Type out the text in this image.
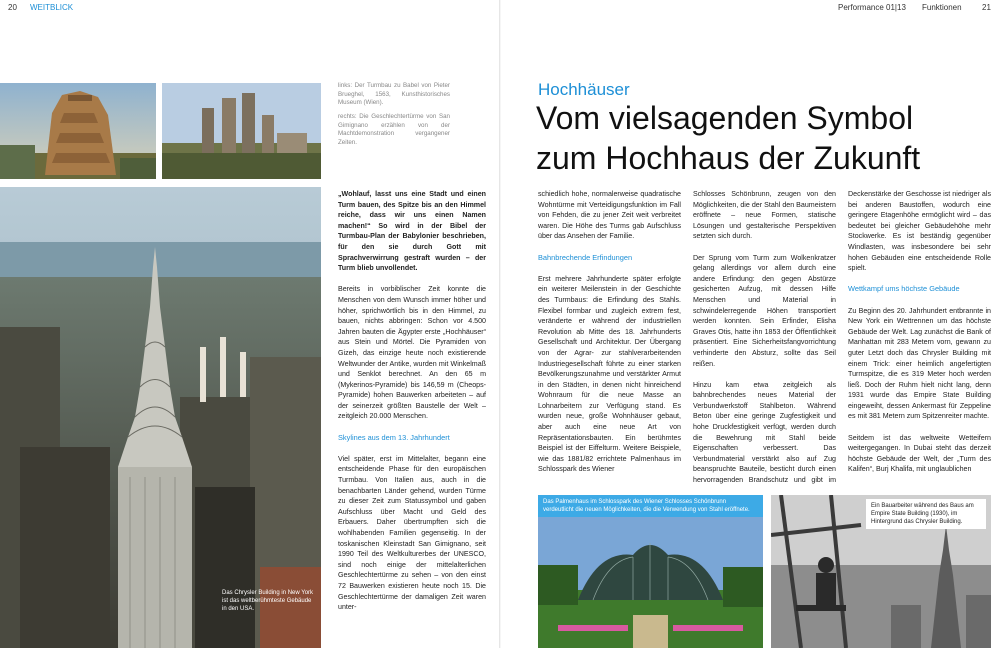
20 WEITBLICK	Performance 01|13 Funktionen	21
links: Der Turmbau zu Babel von Pieter Brueghel, 1563, Kunsthistorisches Museum (Wien).
rechts: Die Geschlechtertürme von San Gimignano erzählen von der Machtdemonstration vergangener Zeiten.
Das Chrysler Building in New York ist das weltberühmteste Gebäude in den USA.
„Wohlauf, lasst uns eine Stadt und einen Turm bauen, des Spitze bis an den Himmel reiche, dass wir uns einen Namen machen!“ So wird in der Bibel der Turmbau-Plan der Babylonier beschrieben, für den sie durch Gott mit Sprachverwirrung gestraft wurden – der Turm blieb unvollendet.

Bereits in vorbiblischer Zeit konnte die Menschen von dem Wunsch immer höher und höher, sprichwörtlich bis in den Himmel, zu bauen, nichts abbringen: Schon vor 4.500 Jahren bauten die Ägypter erste „Hochhäuser“ aus Stein und Mörtel. Die Pyramiden von Gizeh, das einzige heute noch existierende Weltwunder der Antike, wurden mit Winkelmaß und Senklot berechnet. An den 65 m (Mykerinos-Pyramide) bis 146,59 m (Cheops-Pyramide) hohen Bauwerken arbeiteten – auf der seinerzeit größten Baustelle der Welt – zeitgleich 20.000 Menschen.

Skylines aus dem 13. Jahrhundert

Viel später, erst im Mittelalter, begann eine entscheidende Phase für den europäischen Turmbau. Von Italien aus, auch in die benachbarten Länder gehend, wurden Türme zu dieser Zeit zum Statussymbol und gaben Aufschluss über Macht und Geld des Erbauers. Daher übertrumpften sich die wohlhabenden Familien gegenseitig. In der toskanischen Kleinstadt San Gimignano, seit 1990 Teil des Weltkulturerbes der UNESCO, sind noch einige der mittelalterlichen Geschlechtertürme zu sehen – von den einst 72 Bauwerken existieren heute noch 15. Die Geschlechtertürme der damaligen Zeit waren unter-

Hochhäuser
Vom vielsagenden Symbol
zum Hochhaus der Zukunft

schiedlich hohe, normalerweise quadratische Wohntürme mit Verteidigungsfunktion im Fall von Fehden, die zu jener Zeit weit verbreitet waren. Die Höhe des Turms gab Aufschluss über das Ansehen der Familie.

Bahnbrechende Erfindungen

Erst mehrere Jahrhunderte später erfolgte ein weiterer Meilenstein in der Geschichte des Turmbaus: die Erfindung des Stahls. Flexibel formbar und zugleich extrem fest, veränderte er während der industriellen Revolution ab Mitte des 18. Jahrhunderts Gesellschaft und Architektur. Der Übergang von der Agrar- zur stahlverarbeitenden Industriegesellschaft führte zu einer starken Bevölkerungszunahme und verstärkter Armut in den Städten, in denen nicht hinreichend Wohnraum für die neue Masse an Lohnarbeitern zur Verfügung stand. Es wurden neue, große Wohnhäuser gebaut, aber auch eine neue Art von Repräsentationsbauten. Ein berühmtes Beispiel ist der Eiffelturm. Weitere Beispiele, wie das 1881/82 errichtete Palmenhaus im Schlosspark des Wiener

Schlosses Schönbrunn, zeugen von den Möglichkeiten, die der Stahl den Baumeistern eröffnete – neue Formen, statische Lösungen und gestalterische Perspektiven setzten sich durch.

Der Sprung vom Turm zum Wolkenkratzer gelang allerdings vor allem durch eine andere Erfindung: den gegen Abstürze gesicherten Aufzug, mit dessen Hilfe Menschen und Material in schwindelerregende Höhen transportiert werden konnten. Sein Erfinder, Elisha Graves Otis, hatte ihn 1853 der Öffentlichkeit präsentiert. Eine Sicherheitsfangvorrichtung verhinderte den Absturz, sollte das Seil reißen.

Hinzu kam etwa zeitgleich als bahnbrechendes neues Material der Verbundwerkstoff Stahlbeton. Während Beton über eine geringe Zugfestigkeit und hohe Druckfestigkeit verfügt, werden durch die Bewehrung mit Stahl beide Eigenschaften verbessert. Das Verbundmaterial verstärkt also auf Zug beanspruchte Bauteile, besticht durch einen hervorragenden Brandschutz und gibt im

Deckenstärke der Geschosse ist niedriger als bei anderen Baustoffen, wodurch eine geringere Etagenhöhe ermöglicht wird – das bedeutet bei gleicher Gebäudehöhe mehr Stockwerke. Es ist beständig gegenüber Windlasten, was insbesondere bei sehr hohen Gebäuden eine entscheidende Rolle spielt.

Wettkampf ums höchste Gebäude

Zu Beginn des 20. Jahrhundert entbrannte in New York ein Wettrennen um das höchste Gebäude der Welt. Lag zunächst die Bank of Manhattan mit 283 Metern vorn, gewann zu guter Letzt doch das Chrysler Building mit einem Trick: einer heimlich angefertigten Turmspitze, die es 319 Meter hoch werden ließ. Doch der Ruhm hielt nicht lang, denn 1931 wurde das Empire State Building eingeweiht, dessen Ankermast für Zeppeline es mit 381 Metern zum Spitzenreiter machte.

Seitdem ist das weltweite Wetteifern weitergegangen. In Dubai steht das derzeit höchste Gebäude der Welt, der „Turm des Kalifen“, Burj Khalifa, mit unglaublichen

Das Palmenhaus im Schlosspark des Wiener Schlosses Schönbrunn verdeutlicht die neuen Möglichkeiten, die die Verwendung von Stahl eröffnete.
Ein Bauarbeiter während des Baus am Empire State Building (1930), im Hintergrund das Chrysler Building.
